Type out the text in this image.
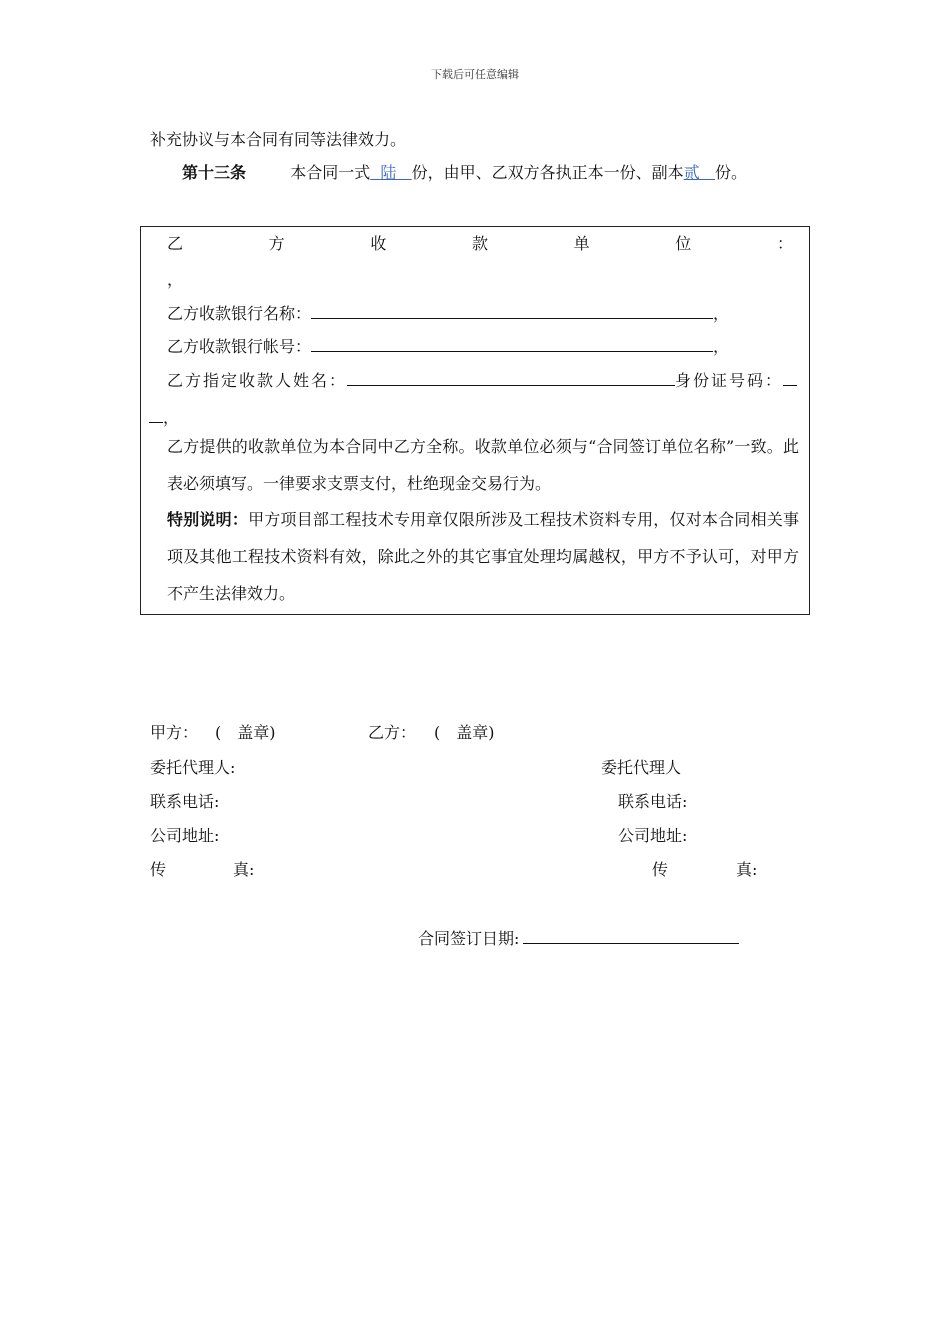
下载后可任意编辑
补充协议与本合同有同等法律效力。
第十三条	本合同一式 陆 份，由甲、乙双方各执正本一份、副本贰 份。
乙	方	收	款	单	位	：
，
乙方收款银行名称：	，
乙方收款银行帐号：	，
乙方指定收款人姓名：	身份证号码：
，
乙方提供的收款单位为本合同中乙方全称。收款单位必须与“合同签订单位名称”一致。此表必须填写。一律要求支票支付，杜绝现金交易行为。
特别说明：甲方项目部工程技术专用章仅限所涉及工程技术资料专用，仅对本合同相关事项及其他工程技术资料有效，除此之外的其它事宜处理均属越权，甲方不予认可，对甲方不产生法律效力。
甲方： (　盖章)	乙方： (　盖章)
委托代理人:	委托代理人
联系电话:	联系电话:
公司地址:	公司地址:
传	真:	传	真:
合同签订日期:
